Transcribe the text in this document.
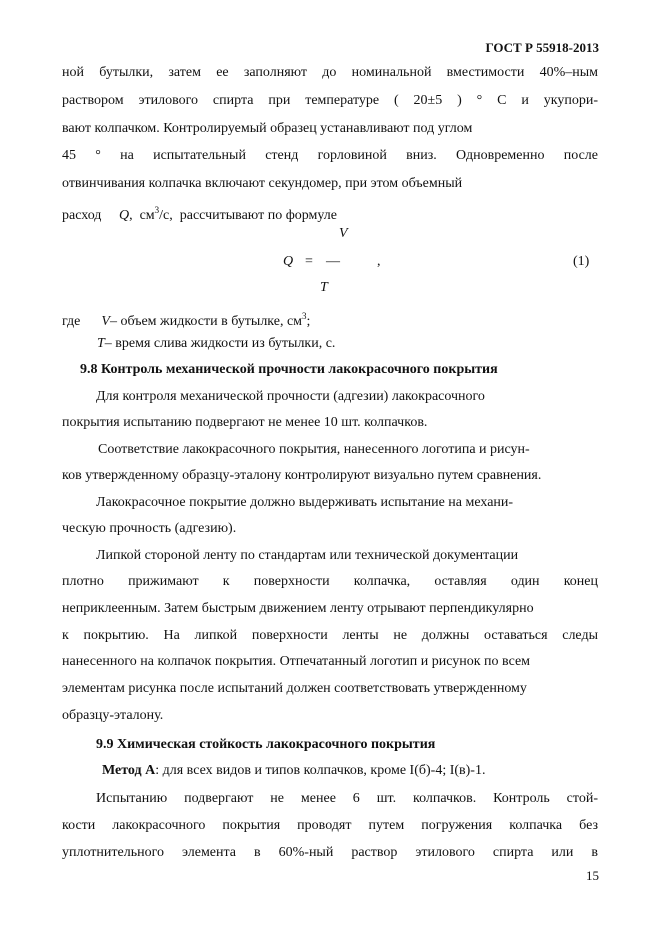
ГОСТ Р 55918-2013
ной бутылки, затем ее заполняют до номинальной вместимости 40%–ным
раствором этилового спирта при температуре ( 20±5 ) ° С и укупори-
вают колпачком. Контролируемый образец устанавливают под углом
45 ° на испытательный стенд горловиной вниз. Одновременно после
отвинчивания колпачка включают секундомер, при этом объемный
расход Q,  $см^3/с$, рассчитывают по формуле
V
Q = —	,	(1)
T
где V– объем жидкости в бутылке, $см^3$;
T– время слива жидкости из бутылки, с.
9.8 Контроль механической прочности лакокрасочного покрытия
Для контроля механической прочности (адгезии) лакокрасочного
покрытия испытанию подвергают не менее 10 шт. колпачков.
Соответствие лакокрасочного покрытия, нанесенного логотипа и рисун-
ков утвержденному образцу-эталону контролируют визуально путем сравнения.
Лакокрасочное покрытие должно выдерживать испытание на механи-
ческую прочность (адгезию).
Липкой стороной ленту по стандартам или технической документации
плотно прижимают к поверхности колпачка, оставляя один конец
неприклеенным. Затем быстрым движением ленту отрывают перпендикулярно
к покрытию. На липкой поверхности ленты не должны оставаться следы
нанесенного на колпачок покрытия. Отпечатанный логотип и рисунок по всем
элементам рисунка после испытаний должен соответствовать утвержденному
образцу-эталону.
9.9 Химическая стойкость лакокрасочного покрытия
Метод А: для всех видов и типов колпачков, кроме I(б)-4; I(в)-1.
Испытанию подвергают не менее 6 шт. колпачков. Контроль стой-
кости лакокрасочного покрытия проводят путем погружения колпачка без
уплотнительного элемента в 60%-ный раствор этилового спирта или в
15
